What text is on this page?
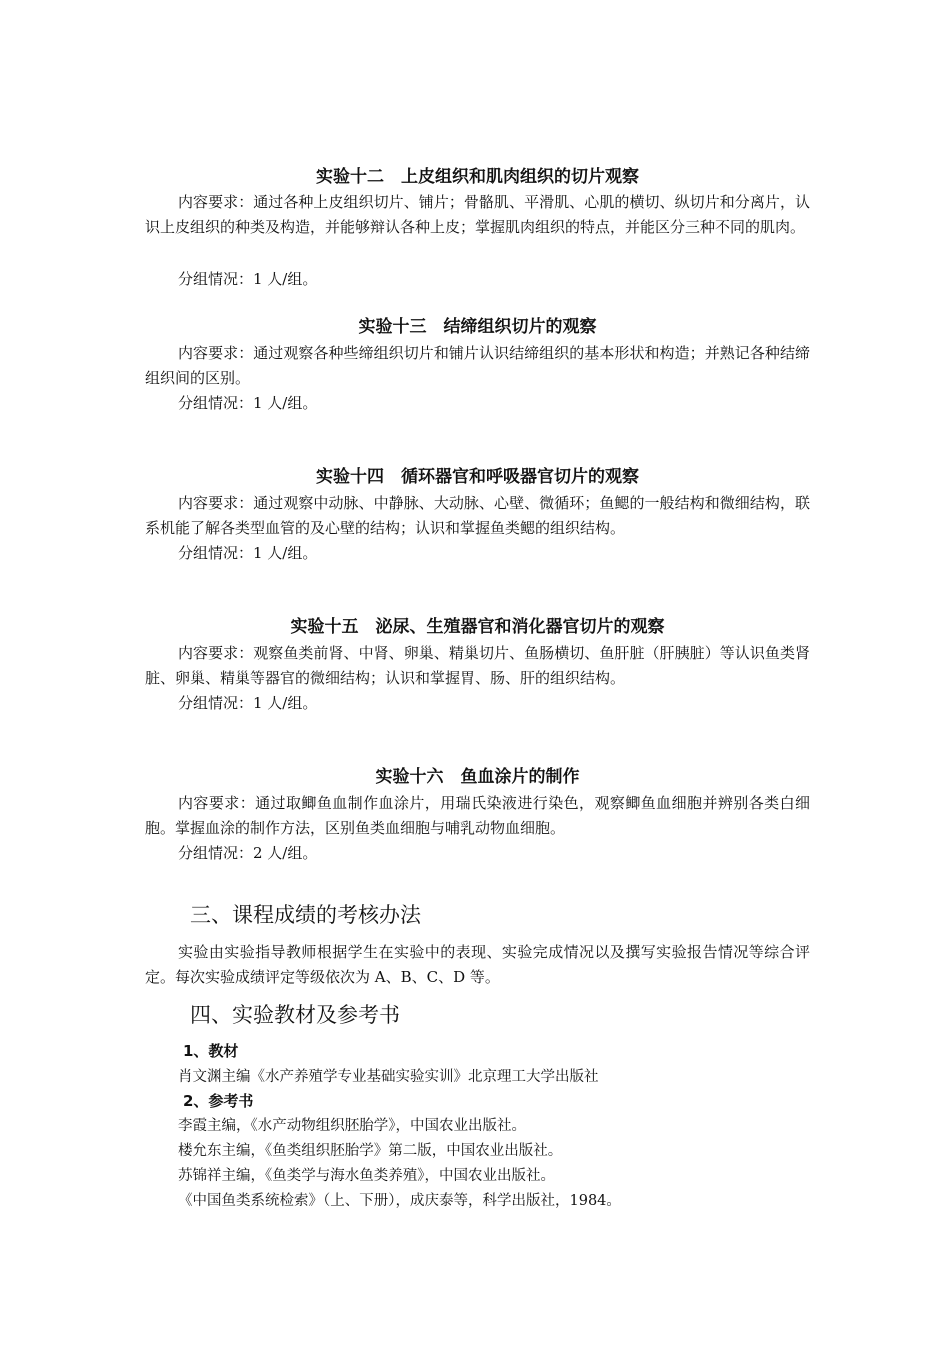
实验十二　上皮组织和肌肉组织的切片观察

内容要求：通过各种上皮组织切片、铺片；骨骼肌、平滑肌、心肌的横切、纵切片和分离片，认识上皮组织的种类及构造，并能够辩认各种上皮；掌握肌肉组织的特点，并能区分三种不同的肌肉。

分组情况：1 人/组。
实验十三　结缔组织切片的观察

内容要求：通过观察各种些缔组织切片和铺片认识结缔组织的基本形状和构造；并熟记各种结缔组织间的区别。

分组情况：1 人/组。
实验十四　循环器官和呼吸器官切片的观察

内容要求：通过观察中动脉、中静脉、大动脉、心壁、微循环；鱼鳃的一般结构和微细结构，联系机能了解各类型血管的及心壁的结构；认识和掌握鱼类鳃的组织结构。

分组情况：1 人/组。
实验十五　泌尿、生殖器官和消化器官切片的观察

内容要求：观察鱼类前肾、中肾、卵巢、精巢切片、鱼肠横切、鱼肝脏（肝胰脏）等认识鱼类肾脏、卵巢、精巢等器官的微细结构；认识和掌握胃、肠、肝的组织结构。

分组情况：1 人/组。
实验十六　鱼血涂片的制作

内容要求：通过取鲫鱼血制作血涂片，用瑞氏染液进行染色，观察鲫鱼血细胞并辨别各类白细胞。掌握血涂的制作方法，区别鱼类血细胞与哺乳动物血细胞。

分组情况：2 人/组。
三、课程成绩的考核办法

实验由实验指导教师根据学生在实验中的表现、实验完成情况以及撰写实验报告情况等综合评定。每次实验成绩评定等级依次为 A、B、C、D 等。

四、实验教材及参考书
1、教材
肖文渊主编《水产养殖学专业基础实验实训》北京理工大学出版社
2、参考书
李霞主编，《水产动物组织胚胎学》，中国农业出版社。
楼允东主编，《鱼类组织胚胎学》第二版，中国农业出版社。
苏锦祥主编，《鱼类学与海水鱼类养殖》，中国农业出版社。
《中国鱼类系统检索》（上、下册），成庆泰等，科学出版社，1984。
